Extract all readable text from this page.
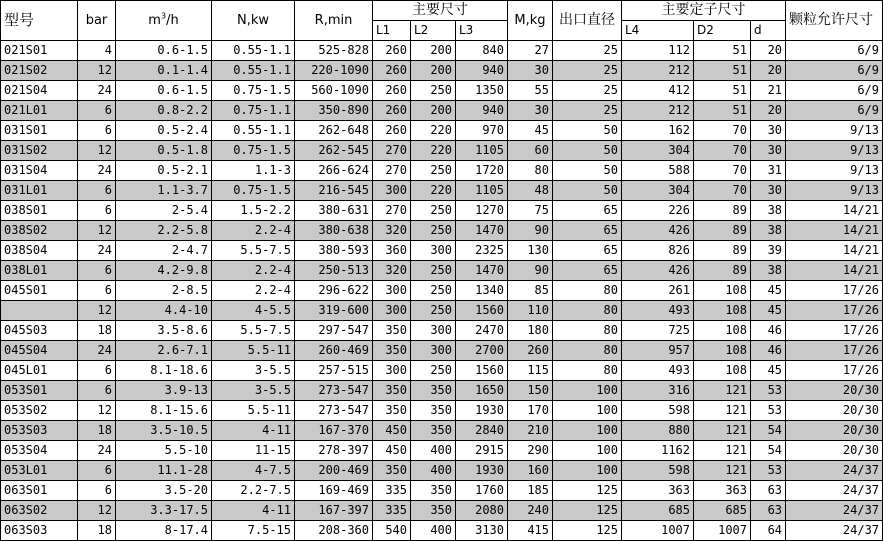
型号	bar	$m^3/h$	N,kw	R,min	主要尺寸			M,kg	出口直径	主要定子尺寸			颗粒允许尺寸
					L1	L2	L3			L4	D2	d	
021S01	4	0.6-1.5	0.55-1.1	525-828	260	200	840	27	25	112	51	20	6/9
021S02	12	0.1-1.4	0.55-1.1	220-1090	260	200	940	30	25	212	51	20	6/9
021S04	24	0.6-1.5	0.75-1.5	560-1090	260	250	1350	55	25	412	51	21	6/9
021L01	6	0.8-2.2	0.75-1.1	350-890	260	200	940	30	25	212	51	20	6/9
031S01	6	0.5-2.4	0.55-1.1	262-648	260	220	970	45	50	162	70	30	9/13
031S02	12	0.5-1.8	0.75-1.5	262-545	270	220	1105	60	50	304	70	30	9/13
031S04	24	0.5-2.1	1.1-3	266-624	270	250	1720	80	50	588	70	31	9/13
031L01	6	1.1-3.7	0.75-1.5	216-545	300	220	1105	48	50	304	70	30	9/13
038S01	6	2-5.4	1.5-2.2	380-631	270	250	1270	75	65	226	89	38	14/21
038S02	12	2.2-5.8	2.2-4	380-638	320	250	1470	90	65	426	89	38	14/21
038S04	24	2-4.7	5.5-7.5	380-593	360	300	2325	130	65	826	89	39	14/21
038L01	6	4.2-9.8	2.2-4	250-513	320	250	1470	90	65	426	89	38	14/21
045S01	6	2-8.5	2.2-4	296-622	300	250	1340	85	80	261	108	45	17/26
	12	4.4-10	4-5.5	319-600	300	250	1560	110	80	493	108	45	17/26
045S03	18	3.5-8.6	5.5-7.5	297-547	350	300	2470	180	80	725	108	46	17/26
045S04	24	2.6-7.1	5.5-11	260-469	350	300	2700	260	80	957	108	46	17/26
045L01	6	8.1-18.6	3-5.5	257-515	300	250	1560	115	80	493	108	45	17/26
053S01	6	3.9-13	3-5.5	273-547	350	350	1650	150	100	316	121	53	20/30
053S02	12	8.1-15.6	5.5-11	273-547	350	350	1930	170	100	598	121	53	20/30
053S03	18	3.5-10.5	4-11	167-370	450	350	2840	210	100	880	121	54	20/30
053S04	24	5.5-10	11-15	278-397	450	400	2915	290	100	1162	121	54	20/30
053L01	6	11.1-28	4-7.5	200-469	350	400	1930	160	100	598	121	53	24/37
063S01	6	3.5-20	2.2-7.5	169-469	335	350	1760	185	125	363	363	63	24/37
063S02	12	3.3-17.5	4-11	167-397	335	350	2080	240	125	685	685	63	24/37
063S03	18	8-17.4	7.5-15	208-360	540	400	3130	415	125	1007	1007	64	24/37
